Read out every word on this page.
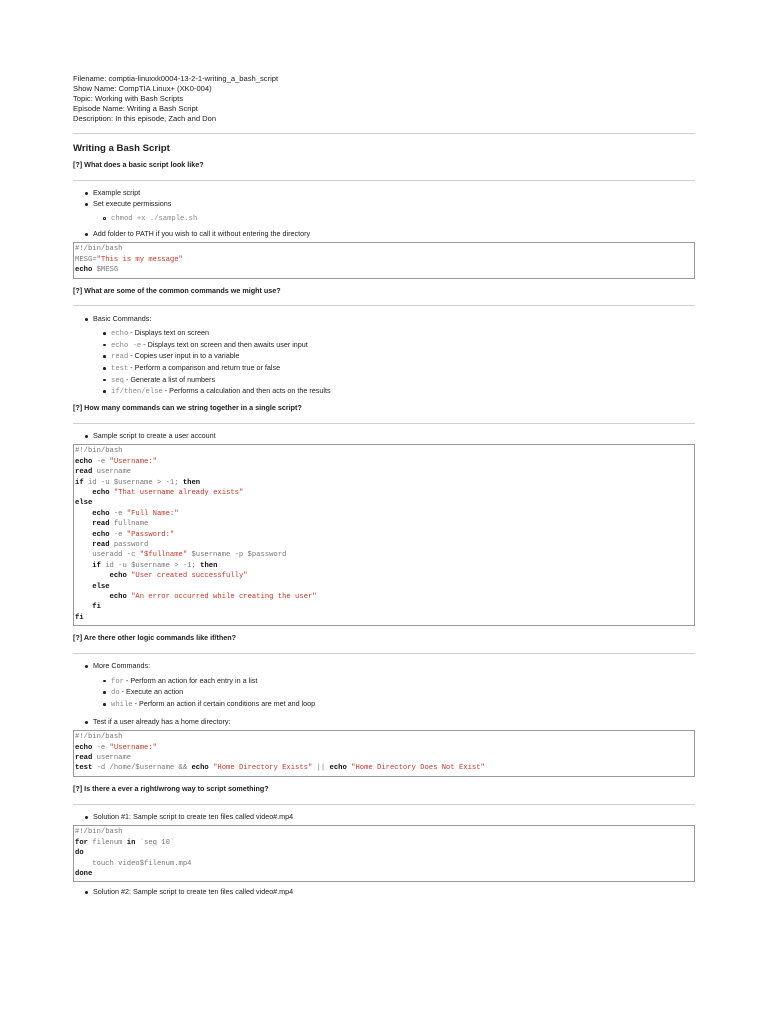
Filename: comptia-linuxxk0004-13-2-1-writing_a_bash_script
Show Name: CompTIA Linux+ (XK0-004)
Topic: Working with Bash Scripts
Episode Name: Writing a Bash Script
Description: In this episode, Zach and Don
Writing a Bash Script
[?] What does a basic script look like?
Example script
Set execute permissions
chmod +x ./sample.sh
Add folder to PATH if you wish to call it without entering the directory
#!/bin/bash
MESG="This is my message"
echo $MESG
[?] What are some of the common commands we might use?
Basic Commands:
echo - Displays text on screen
echo -e - Displays text on screen and then awaits user input
read - Copies user input in to a variable
test - Perform a comparison and return true or false
seq - Generate a list of numbers
if/then/else - Performs a calculation and then acts on the results
[?] How many commands can we string together in a single script?
Sample script to create a user account
#!/bin/bash
echo -e "Username:"
read username
if id -u $username > -1; then
echo "That username already exists"
else
echo -e "Full Name:"
read fullname
echo -e "Password:"
read password
useradd -c "$fullname" $username -p $password
if id -u $username > -1; then
echo "User created successfully"
else
echo "An error occurred while creating the user"
fi
fi
[?] Are there other logic commands like if/then?
More Commands:
for - Perform an action for each entry in a list
do - Execute an action
while - Perform an action if certain conditions are met and loop
Test if a user already has a home directory:
#!/bin/bash
echo -e "Username:"
read username
test -d /home/$username && echo "Home Directory Exists" || echo "Home Directory Does Not Exist"
[?] Is there a ever a right/wrong way to script something?
Solution #1: Sample script to create ten files called video#.mp4
#!/bin/bash
for filenum in `seq 10`
do
touch video$filenum.mp4
done
Solution #2: Sample script to create ten files called video#.mp4
